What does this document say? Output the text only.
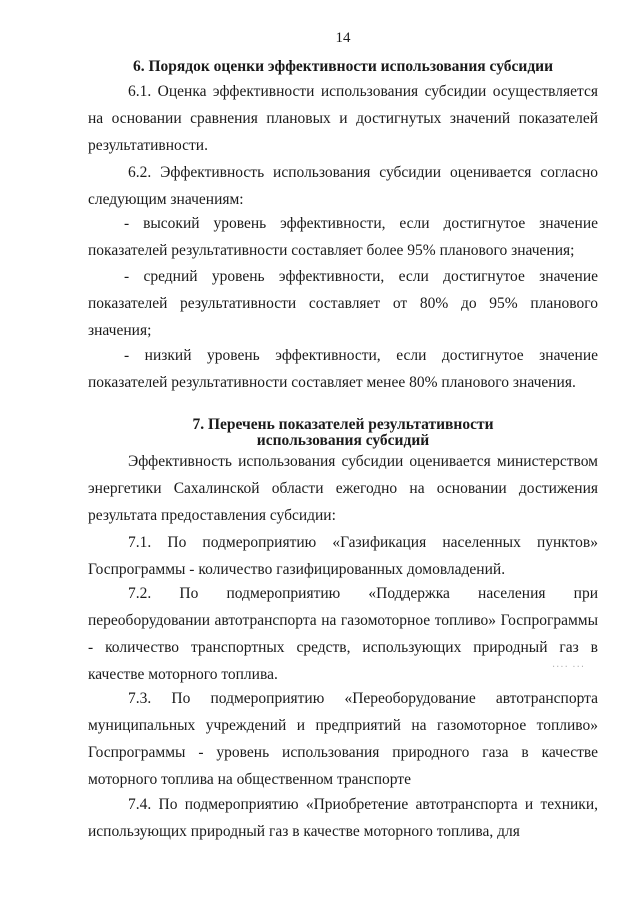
14
6. Порядок оценки эффективности использования субсидии

6.1. Оценка эффективности использования субсидии осуществляется на основании сравнения плановых и достигнутых значений показателей результативности.

6.2. Эффективность использования субсидии оценивается согласно следующим значениям:

- высокий уровень эффективности, если достигнутое значение показателей результативности составляет более 95% планового значения;

- средний уровень эффективности, если достигнутое значение показателей результативности составляет от 80% до 95% планового значения;

- низкий уровень эффективности, если достигнутое значение показателей результативности составляет менее 80% планового значения.

7. Перечень показателей результативности
использования субсидий

Эффективность использования субсидии оценивается министерством энергетики Сахалинской области ежегодно на основании достижения результата предоставления субсидии:

7.1. По подмероприятию «Газификация населенных пунктов» Госпрограммы - количество газифицированных домовладений.

7.2. По подмероприятию «Поддержка населения при переоборудовании автотранспорта на газомоторное топливо» Госпрограммы - количество транспортных средств, использующих природный газ в качестве моторного топлива.

7.3. По подмероприятию «Переоборудование автотранспорта муниципальных учреждений и предприятий на газомоторное топливо» Госпрограммы - уровень использования природного газа в качестве моторного топлива на общественном транспорте

7.4. По подмероприятию «Приобретение автотранспорта и техники, использующих природный газ в качестве моторного топлива, для

‧‧·‧ ·‧‧
